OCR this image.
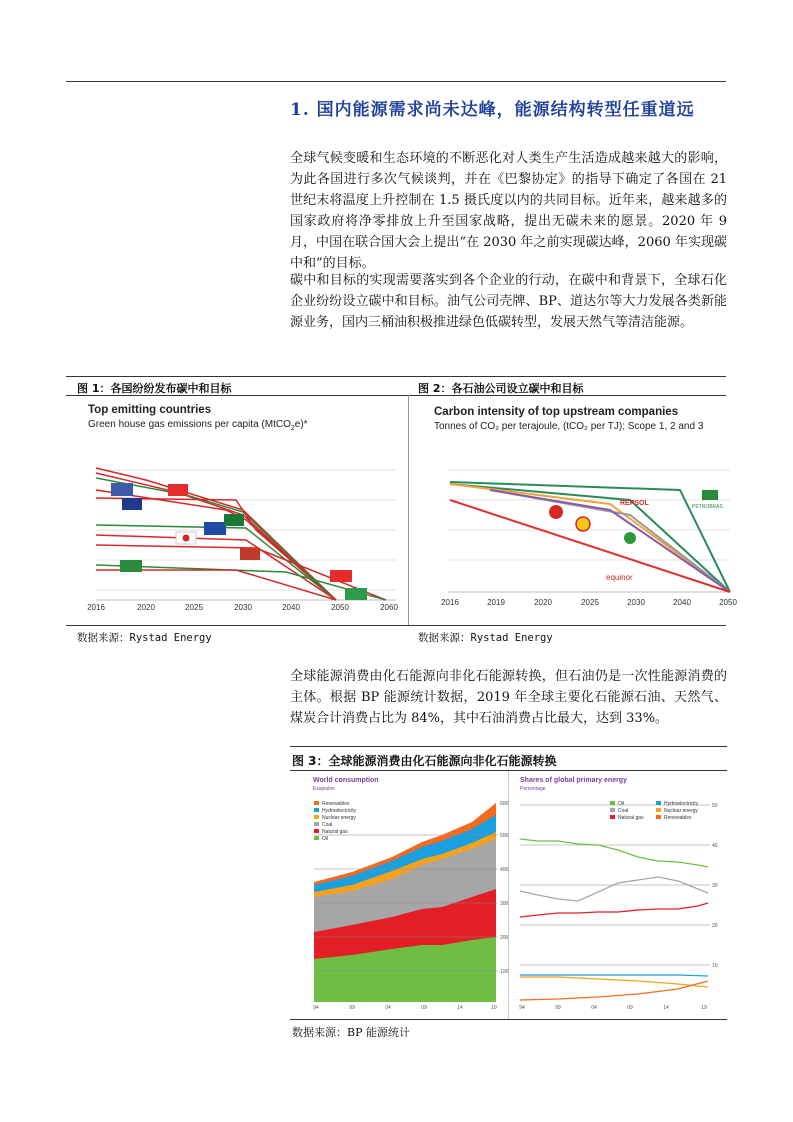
1. 国内能源需求尚未达峰，能源结构转型任重道远
全球气候变暖和生态环境的不断恶化对人类生产生活造成越来越大的影响，为此各国进行多次气候谈判，并在《巴黎协定》的指导下确定了各国在 21 世纪末将温度上升控制在 1.5 摄氏度以内的共同目标。近年来，越来越多的国家政府将净零排放上升至国家战略，提出无碳未来的愿景。2020 年 9 月，中国在联合国大会上提出“在 2030 年之前实现碳达峰，2060 年实现碳中和”的目标。
碳中和目标的实现需要落实到各个企业的行动，在碳中和背景下，全球石化企业纷纷设立碳中和目标。油气公司壳牌、BP、道达尔等大力发展各类新能源业务，国内三桶油积极推进绿色低碳转型，发展天然气等清洁能源。
图 1：各国纷纷发布碳中和目标	图 2：各石油公司设立碳中和目标
Top emitting countries
Green house gas emissions per capita (MtCO$_2$e)*
2016	2020	2025	2030	2040	2050	2060
Carbon intensity of top upstream companies
Tonnes of CO₂ per terajoule, (tCO₂ per TJ); Scope 1, 2 and 3
REPSOL	PETROBRAS
equinor
2016	2019	2020	2025	2030	2040	2050
数据来源：Rystad Energy	数据来源：Rystad Energy
全球能源消费由化石能源向非化石能源转换，但石油仍是一次性能源消费的主体。根据 BP 能源统计数据，2019 年全球主要化石能源石油、天然气、煤炭合计消费占比为 84%，其中石油消费占比最大，达到 33%。
图 3：全球能源消费由化石能源向非化石能源转换
World consumption
Exajoules
Shares of global primary energy
Percentage
Renewables
Hydroelectricity
Nuclear energy
Coal
Natural gas
Oil
600
500
400
300
200
100
94	99	04	09	14	19
Oil
Coal
Natural gas
Hydroelectricity
Nuclear energy
Renewables
50
40
30
20
10
94	99	04	09	14	19
数据来源：BP 能源统计
